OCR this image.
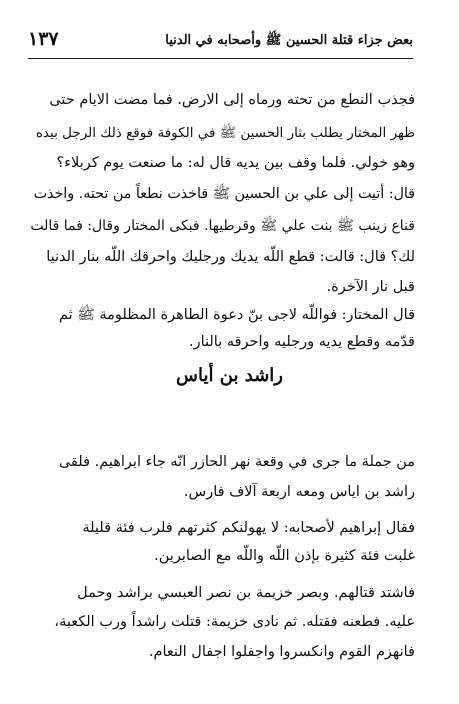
بعض جزاء قتلة الحسين ﷺ وأصحابه في الدنيا
١٣٧
فجذب النطع من تحته ورماه إلى الارض. فما مضت الايام حتى
ظهر المختار يطلب بثار الحسين ﷺ في الكوفة فوقع ذلك الرجل بيده
وهو خولي. فلما وقف بين يديه قال له: ما صنعت يوم كربلاء؟
قال: أتيت إلى علي بن الحسين ﷺ فاخذت نطعاً من تحته. واخذت
قناع زينب ﷺ بنت علي ﷺ وقرطيها. فبكى المختار وقال: فما قالت
لك؟ قال: قالت: قطع اللّه يديك ورجليك واحرقك اللّه بنار الدنيا
قبل نار الآخرة.
قال المختار: فواللّه لاجى بنّ دعوة الطاهرة المظلومة ﷺ ثم
قدّمه وقطع يديه ورجليه واحرقه بالنار.
راشد بن أياس
من جملة ما جرى في وقعة نهر الحازر انّه جاء ابراهيم. فلقى
راشد بن اياس ومعه اربعة آلاف فارس.
فقال إبراهيم لأصحابه: لا يهولنكم كثرتهم فلرب فئة قليلة
غلبت فئة كثيرة بإذن اللّه واللّه مع الصابرين.
فاشتد قتالهم. وبصر خزيمة بن نصر العبسي براشد وحمل
عليه. فطعنه فقتله. ثم نادى خزيمة: قتلت راشداً ورب الكعبة،
فانهزم القوم وانكسروا واجفلوا اجفال النعام.
